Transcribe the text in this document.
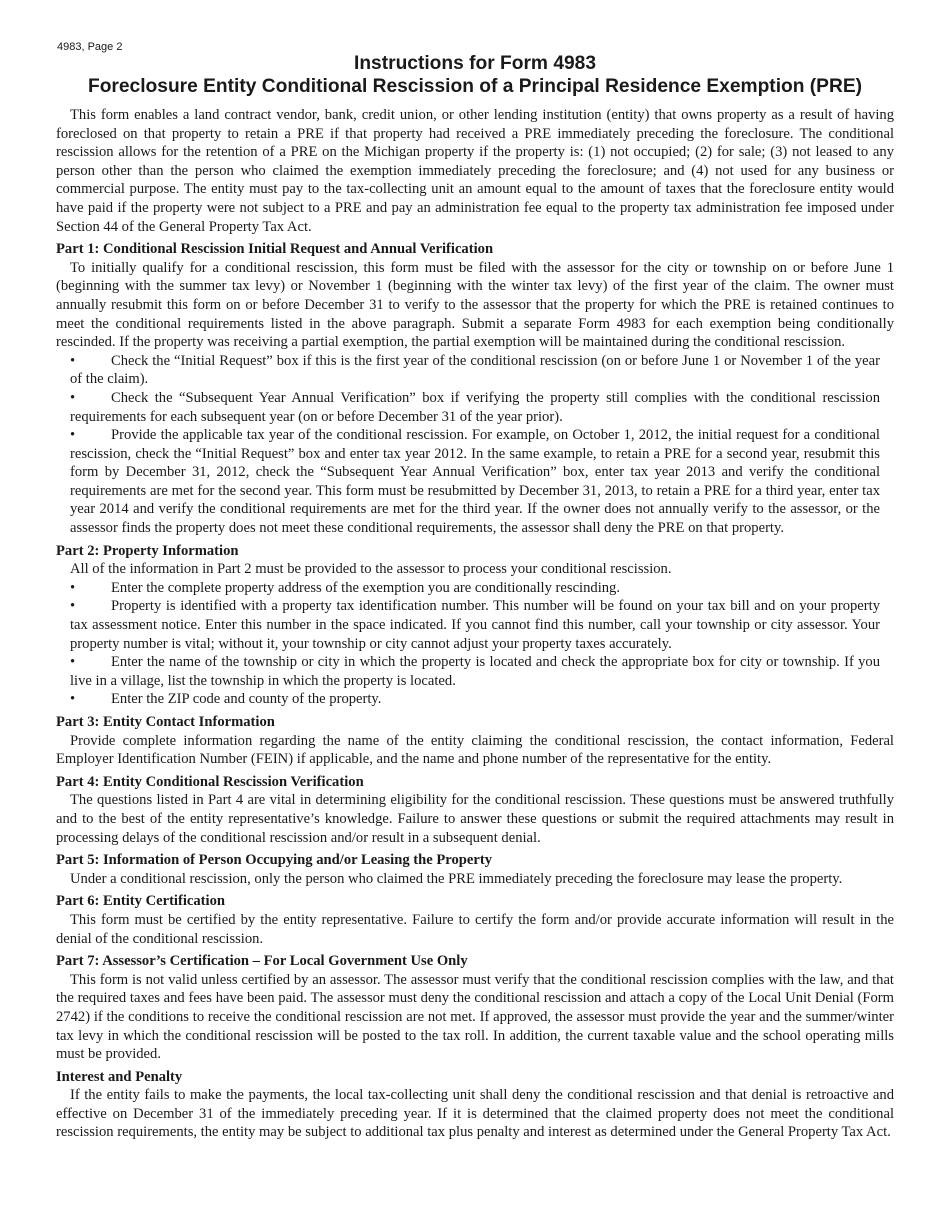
4983, Page 2
Instructions for Form 4983
Foreclosure Entity Conditional Rescission of a Principal Residence Exemption (PRE)

This form enables a land contract vendor, bank, credit union, or other lending institution (entity) that owns property as a result of having foreclosed on that property to retain a PRE if that property had received a PRE immediately preceding the foreclosure. The conditional rescission allows for the retention of a PRE on the Michigan property if the property is: (1) not occupied; (2) for sale; (3) not leased to any person other than the person who claimed the exemption immediately preceding the foreclosure; and (4) not used for any business or commercial purpose. The entity must pay to the tax-collecting unit an amount equal to the amount of taxes that the foreclosure entity would have paid if the property were not subject to a PRE and pay an administration fee equal to the property tax administration fee imposed under Section 44 of the General Property Tax Act.

Part 1: Conditional Rescission Initial Request and Annual Verification

To initially qualify for a conditional rescission, this form must be filed with the assessor for the city or township on or before June 1 (beginning with the summer tax levy) or November 1 (beginning with the winter tax levy) of the first year of the claim. The owner must annually resubmit this form on or before December 31 to verify to the assessor that the property for which the PRE is retained continues to meet the conditional requirements listed in the above paragraph. Submit a separate Form 4983 for each exemption being conditionally rescinded. If the property was receiving a partial exemption, the partial exemption will be maintained during the conditional rescission.

•	Check the “Initial Request” box if this is the first year of the conditional rescission (on or before June 1 or November 1 of the year of the claim).
•	Check the “Subsequent Year Annual Verification” box if verifying the property still complies with the conditional rescission requirements for each subsequent year (on or before December 31 of the year prior).
•	Provide the applicable tax year of the conditional rescission. For example, on October 1, 2012, the initial request for a conditional rescission, check the “Initial Request” box and enter tax year 2012. In the same example, to retain a PRE for a second year, resubmit this form by December 31, 2012, check the “Subsequent Year Annual Verification” box, enter tax year 2013 and verify the conditional requirements are met for the second year. This form must be resubmitted by December 31, 2013, to retain a PRE for a third year, enter tax year 2014 and verify the conditional requirements are met for the third year. If the owner does not annually verify to the assessor, or the assessor finds the property does not meet these conditional requirements, the assessor shall deny the PRE on that property.
Part 2: Property Information

All of the information in Part 2 must be provided to the assessor to process your conditional rescission.

•	Enter the complete property address of the exemption you are conditionally rescinding.
•	Property is identified with a property tax identification number. This number will be found on your tax bill and on your property tax assessment notice. Enter this number in the space indicated. If you cannot find this number, call your township or city assessor. Your property number is vital; without it, your township or city cannot adjust your property taxes accurately.
•	Enter the name of the township or city in which the property is located and check the appropriate box for city or township. If you live in a village, list the township in which the property is located.
•	Enter the ZIP code and county of the property.
Part 3: Entity Contact Information

Provide complete information regarding the name of the entity claiming the conditional rescission, the contact information, Federal Employer Identification Number (FEIN) if applicable, and the name and phone number of the representative for the entity.

Part 4: Entity Conditional Rescission Verification

The questions listed in Part 4 are vital in determining eligibility for the conditional rescission. These questions must be answered truthfully and to the best of the entity representative’s knowledge. Failure to answer these questions or submit the required attachments may result in processing delays of the conditional rescission and/or result in a subsequent denial.

Part 5: Information of Person Occupying and/or Leasing the Property

Under a conditional rescission, only the person who claimed the PRE immediately preceding the foreclosure may lease the property.

Part 6: Entity Certification

This form must be certified by the entity representative. Failure to certify the form and/or provide accurate information will result in the denial of the conditional rescission.

Part 7: Assessor’s Certification – For Local Government Use Only

This form is not valid unless certified by an assessor. The assessor must verify that the conditional rescission complies with the law, and that the required taxes and fees have been paid. The assessor must deny the conditional rescission and attach a copy of the Local Unit Denial (Form 2742) if the conditions to receive the conditional rescission are not met. If approved, the assessor must provide the year and the summer/winter tax levy in which the conditional rescission will be posted to the tax roll. In addition, the current taxable value and the school operating mills must be provided.

Interest and Penalty

If the entity fails to make the payments, the local tax-collecting unit shall deny the conditional rescission and that denial is retroactive and effective on December 31 of the immediately preceding year. If it is determined that the claimed property does not meet the conditional rescission requirements, the entity may be subject to additional tax plus penalty and interest as determined under the General Property Tax Act.
